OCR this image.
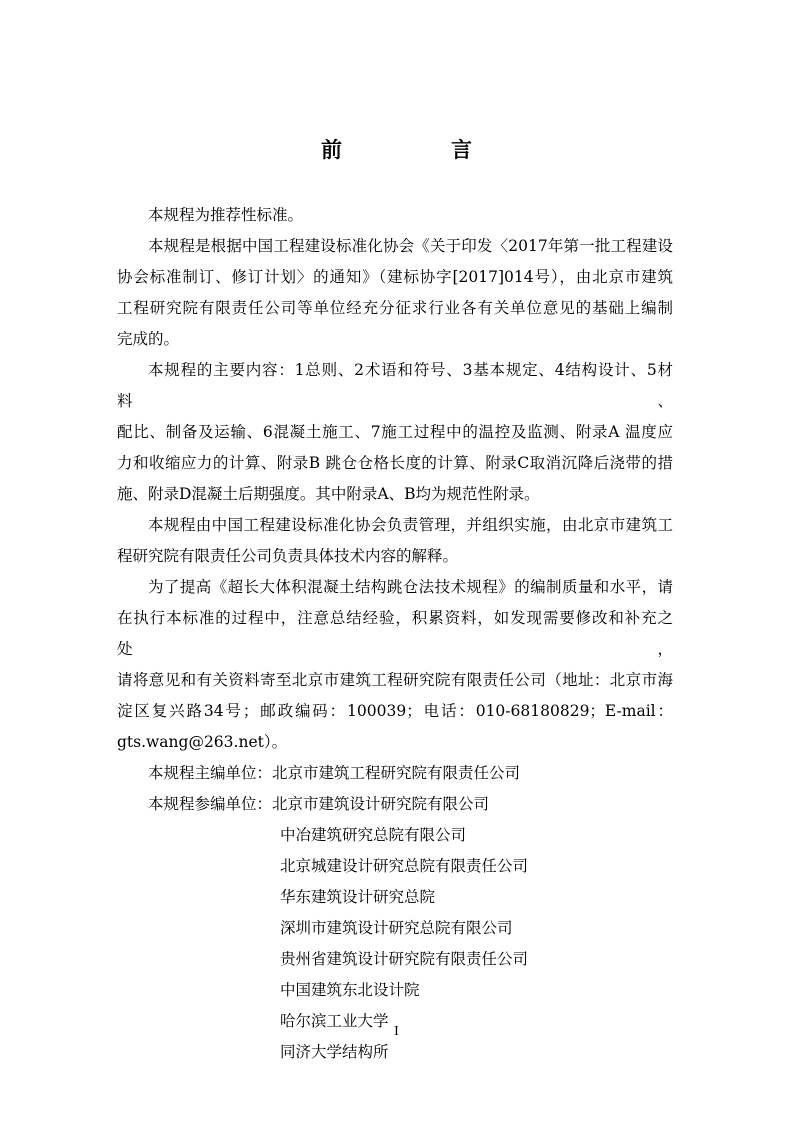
前　言

本规程为推荐性标准。

本规程是根据中国工程建设标准化协会《关于印发〈2017年第一批工程建设
协会标准制订、修订计划〉的通知》（建标协字[2017]014号），由北京市建筑
工程研究院有限责任公司等单位经充分征求行业各有关单位意见的基础上编制
完成的。
本规程的主要内容：1总则、2术语和符号、3基本规定、4结构设计、5材料、
配比、制备及运输、6混凝土施工、7施工过程中的温控及监测、附录A 温度应
力和收缩应力的计算、附录B 跳仓仓格长度的计算、附录C取消沉降后浇带的措
施、附录D混凝土后期强度。其中附录A、B均为规范性附录。
本规程由中国工程建设标准化协会负责管理，并组织实施，由北京市建筑工
程研究院有限责任公司负责具体技术内容的解释。
为了提高《超长大体积混凝土结构跳仓法技术规程》的编制质量和水平，请
在执行本标准的过程中，注意总结经验，积累资料，如发现需要修改和补充之处，
请将意见和有关资料寄至北京市建筑工程研究院有限责任公司（地址：北京市海
淀区复兴路34号；邮政编码：100039；电话：010-68180829；E-mail：
gts.wang@263.net）。
本规程主编单位：北京市建筑工程研究院有限责任公司
本规程参编单位：北京市建筑设计研究院有限公司
中冶建筑研究总院有限公司
北京城建设计研究总院有限责任公司
华东建筑设计研究总院
深圳市建筑设计研究总院有限公司
贵州省建筑设计研究院有限责任公司
中国建筑东北设计院
哈尔滨工业大学
同济大学结构所
I
